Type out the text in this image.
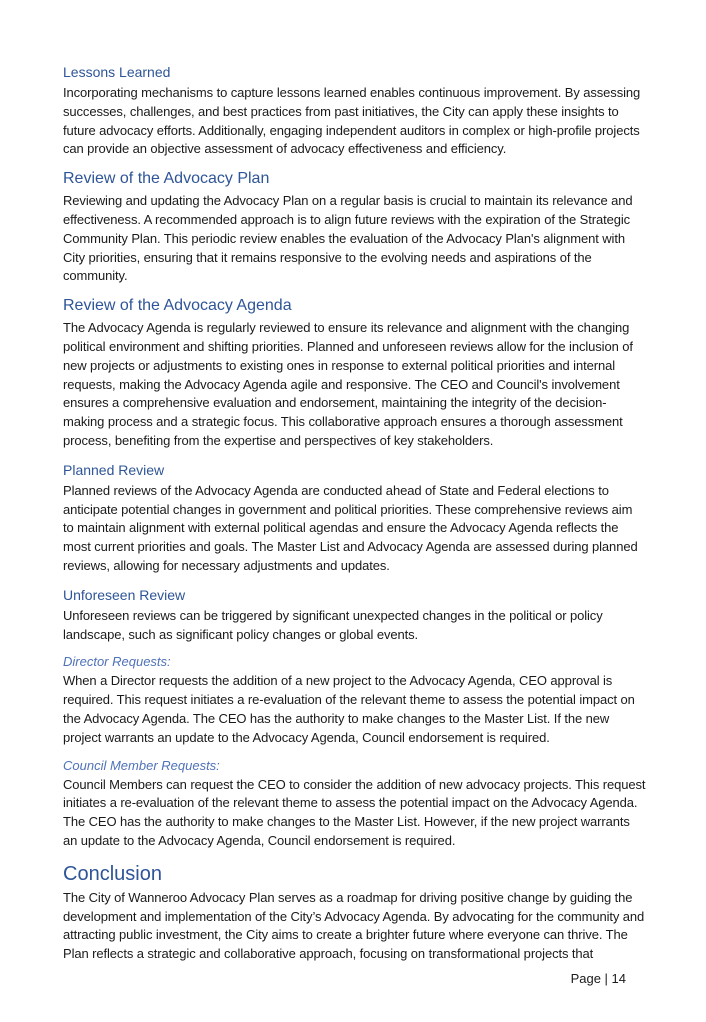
Lessons Learned

Incorporating mechanisms to capture lessons learned enables continuous improvement. By assessing successes, challenges, and best practices from past initiatives, the City can apply these insights to future advocacy efforts. Additionally, engaging independent auditors in complex or high-profile projects can provide an objective assessment of advocacy effectiveness and efficiency.

Review of the Advocacy Plan

Reviewing and updating the Advocacy Plan on a regular basis is crucial to maintain its relevance and effectiveness. A recommended approach is to align future reviews with the expiration of the Strategic Community Plan. This periodic review enables the evaluation of the Advocacy Plan's alignment with City priorities, ensuring that it remains responsive to the evolving needs and aspirations of the community.

Review of the Advocacy Agenda

The Advocacy Agenda is regularly reviewed to ensure its relevance and alignment with the changing political environment and shifting priorities. Planned and unforeseen reviews allow for the inclusion of new projects or adjustments to existing ones in response to external political priorities and internal requests, making the Advocacy Agenda agile and responsive. The CEO and Council's involvement ensures a comprehensive evaluation and endorsement, maintaining the integrity of the decision-making process and a strategic focus. This collaborative approach ensures a thorough assessment process, benefiting from the expertise and perspectives of key stakeholders.

Planned Review

Planned reviews of the Advocacy Agenda are conducted ahead of State and Federal elections to anticipate potential changes in government and political priorities. These comprehensive reviews aim to maintain alignment with external political agendas and ensure the Advocacy Agenda reflects the most current priorities and goals. The Master List and Advocacy Agenda are assessed during planned reviews, allowing for necessary adjustments and updates.

Unforeseen Review

Unforeseen reviews can be triggered by significant unexpected changes in the political or policy landscape, such as significant policy changes or global events.

Director Requests:

When a Director requests the addition of a new project to the Advocacy Agenda, CEO approval is required. This request initiates a re-evaluation of the relevant theme to assess the potential impact on the Advocacy Agenda. The CEO has the authority to make changes to the Master List. If the new project warrants an update to the Advocacy Agenda, Council endorsement is required.

Council Member Requests:

Council Members can request the CEO to consider the addition of new advocacy projects. This request initiates a re-evaluation of the relevant theme to assess the potential impact on the Advocacy Agenda. The CEO has the authority to make changes to the Master List. However, if the new project warrants an update to the Advocacy Agenda, Council endorsement is required.

Conclusion

The City of Wanneroo Advocacy Plan serves as a roadmap for driving positive change by guiding the development and implementation of the City’s Advocacy Agenda. By advocating for the community and attracting public investment, the City aims to create a brighter future where everyone can thrive. The Plan reflects a strategic and collaborative approach, focusing on transformational projects that

Page | 14
